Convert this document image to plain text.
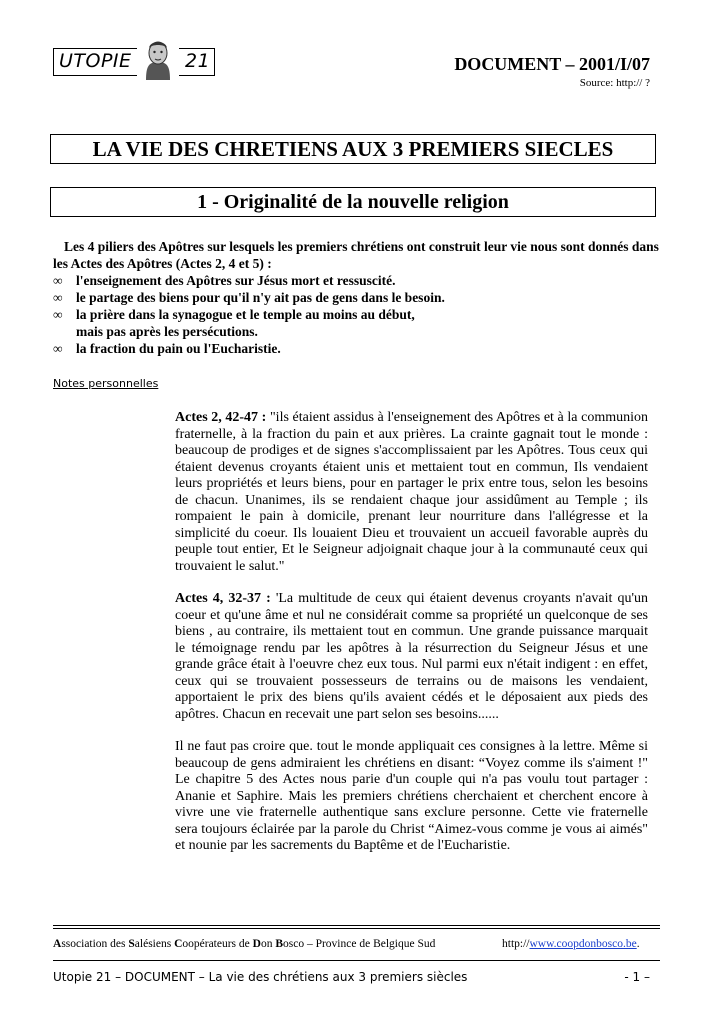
UTOPIE	21	DOCUMENT – 2001/I/07
Source: http:// ?
LA VIE DES CHRETIENS AUX 3 PREMIERS SIECLES
1 - Originalité de la nouvelle religion

Les 4 piliers des Apôtres sur lesquels les premiers chrétiens ont construit leur vie nous sont donnés dans les Actes des Apôtres (Actes 2, 4 et 5) :

∞ l'enseignement des Apôtres sur Jésus mort et ressuscité.
∞ le partage des biens pour qu'il n'y ait pas de gens dans le besoin.
∞ la prière dans la synagogue et le temple au moins au début,
mais pas après les persécutions.
∞ la fraction du pain ou l'Eucharistie.
Notes personnelles

Actes 2, 42-47 : "ils étaient assidus à l'enseignement des Apôtres et à la communion fraternelle, à la fraction du pain et aux prières. La crainte gagnait tout le monde : beaucoup de prodiges et de signes s'accomplissaient par les Apôtres. Tous ceux qui étaient devenus croyants étaient unis et mettaient tout en commun, Ils vendaient leurs propriétés et leurs biens, pour en partager le prix entre tous, selon les besoins de chacun. Unanimes, ils se rendaient chaque jour assidûment au Temple ; ils rompaient le pain à domicile, prenant leur nourriture dans l'allégresse et la simplicité du coeur. Ils louaient Dieu et trouvaient un accueil favorable auprès du peuple tout entier, Et le Seigneur adjoignait chaque jour à la communauté ceux qui trouvaient le salut."

Actes 4, 32-37 : 'La multitude de ceux qui étaient devenus croyants n'avait qu'un coeur et qu'une âme et nul ne considérait comme sa propriété un quelconque de ses biens , au contraire, ils mettaient tout en commun. Une grande puissance marquait le témoignage rendu par les apôtres à la résurrection du Seigneur Jésus et une grande grâce était à l'oeuvre chez eux tous. Nul parmi eux n'était indigent : en effet, ceux qui se trouvaient possesseurs de terrains ou de maisons les vendaient, apportaient le prix des biens qu'ils avaient cédés et le déposaient aux pieds des apôtres. Chacun en recevait une part selon ses besoins......

Il ne faut pas croire que. tout le monde appliquait ces consignes à la lettre. Même si beaucoup de gens admiraient les chrétiens en disant: “Voyez comme ils s'aiment !" Le chapitre 5 des Actes nous parie d'un couple qui n'a pas voulu tout partager : Ananie et Saphire. Mais les premiers chrétiens cherchaient et cherchent encore à vivre une vie fraternelle authentique sans exclure personne. Cette vie fraternelle sera toujours éclairée par la parole du Christ “Aimez-vous comme je vous ai aimés" et nounie par les sacrements du Baptême et de l'Eucharistie.

Association des Salésiens Coopérateurs de Don Bosco – Province de Belgique Sud	http://www.coopdonbosco.be.
Utopie 21 – DOCUMENT – La vie des chrétiens aux 3 premiers siècles	- 1 –
